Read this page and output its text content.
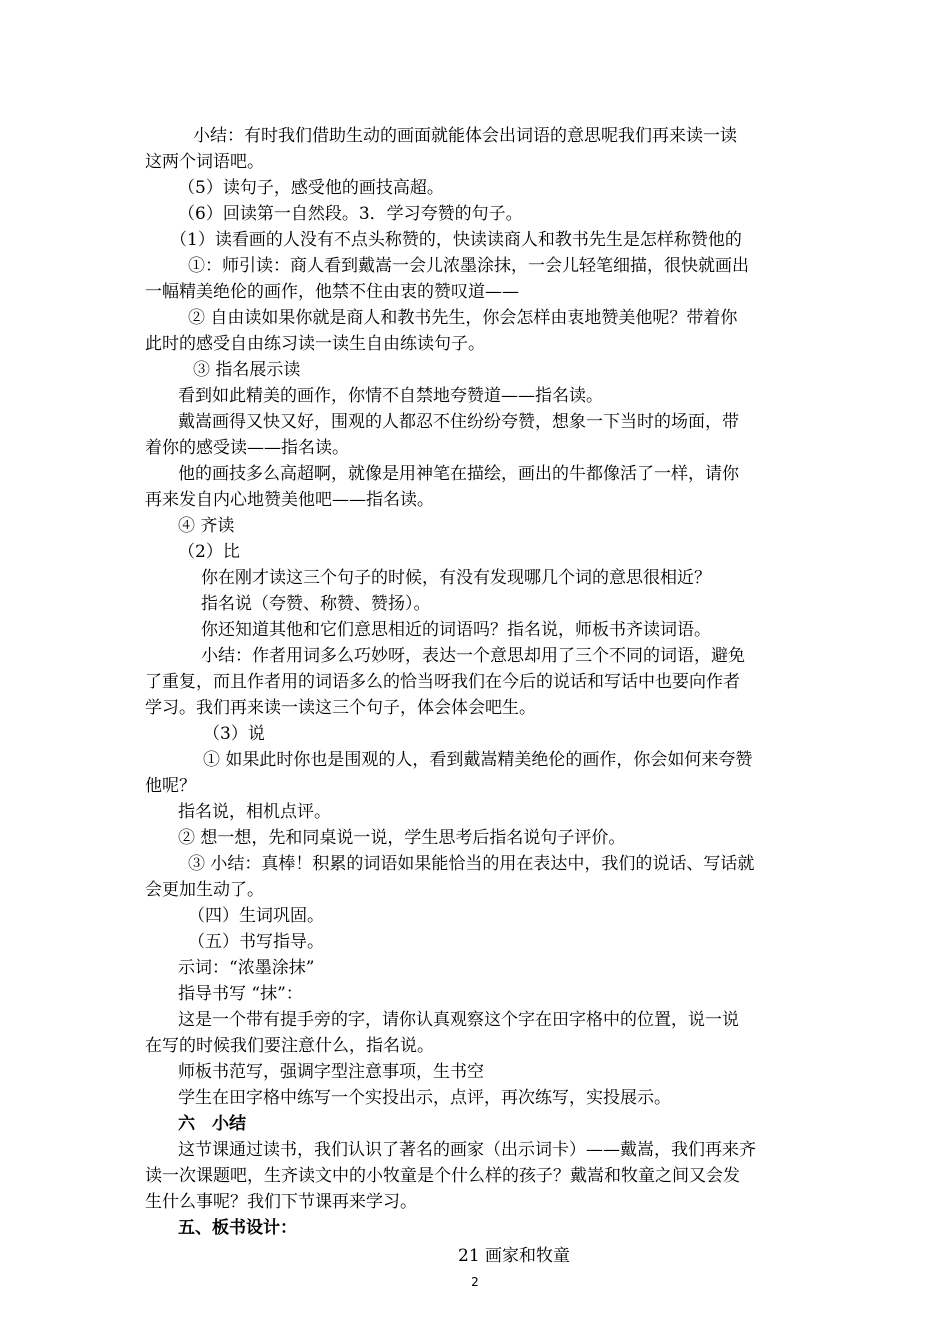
小结：有时我们借助生动的画面就能体会出词语的意思呢我们再来读一读
这两个词语吧。
（5）读句子，感受他的画技高超。
（6）回读第一自然段。3．学习夸赞的句子。
（1）读看画的人没有不点头称赞的，快读读商人和教书先生是怎样称赞他的
①：师引读：商人看到戴嵩一会儿浓墨涂抹，一会儿轻笔细描，很快就画出
一幅精美绝伦的画作，他禁不住由衷的赞叹道——
② 自由读如果你就是商人和教书先生，你会怎样由衷地赞美他呢？带着你
此时的感受自由练习读一读生自由练读句子。
③ 指名展示读
看到如此精美的画作，你情不自禁地夸赞道——指名读。
戴嵩画得又快又好，围观的人都忍不住纷纷夸赞，想象一下当时的场面，带
着你的感受读——指名读。
他的画技多么高超啊，就像是用神笔在描绘，画出的牛都像活了一样，请你
再来发自内心地赞美他吧——指名读。
④ 齐读
（2）比
你在刚才读这三个句子的时候，有没有发现哪几个词的意思很相近？
指名说（夸赞、称赞、赞扬）。
你还知道其他和它们意思相近的词语吗？指名说，师板书齐读词语。
小结：作者用词多么巧妙呀，表达一个意思却用了三个不同的词语，避免
了重复，而且作者用的词语多么的恰当呀我们在今后的说话和写话中也要向作者
学习。我们再来读一读这三个句子，体会体会吧生。
（3）说
① 如果此时你也是围观的人，看到戴嵩精美绝伦的画作，你会如何来夸赞
他呢？
指名说，相机点评。
② 想一想，先和同桌说一说，学生思考后指名说句子评价。
③ 小结：真棒！积累的词语如果能恰当的用在表达中，我们的说话、写话就
会更加生动了。
（四）生词巩固。
（五）书写指导。
示词：“浓墨涂抹”
指导书写 “抹”：
这是一个带有提手旁的字，请你认真观察这个字在田字格中的位置，说一说
在写的时候我们要注意什么，指名说。
师板书范写，强调字型注意事项，生书空
学生在田字格中练写一个实投出示，点评，再次练写，实投展示。
六　小结
这节课通过读书，我们认识了著名的画家（出示词卡）——戴嵩，我们再来齐
读一次课题吧，生齐读文中的小牧童是个什么样的孩子？戴嵩和牧童之间又会发
生什么事呢？我们下节课再来学习。
五、板书设计：
21 画家和牧童
2
